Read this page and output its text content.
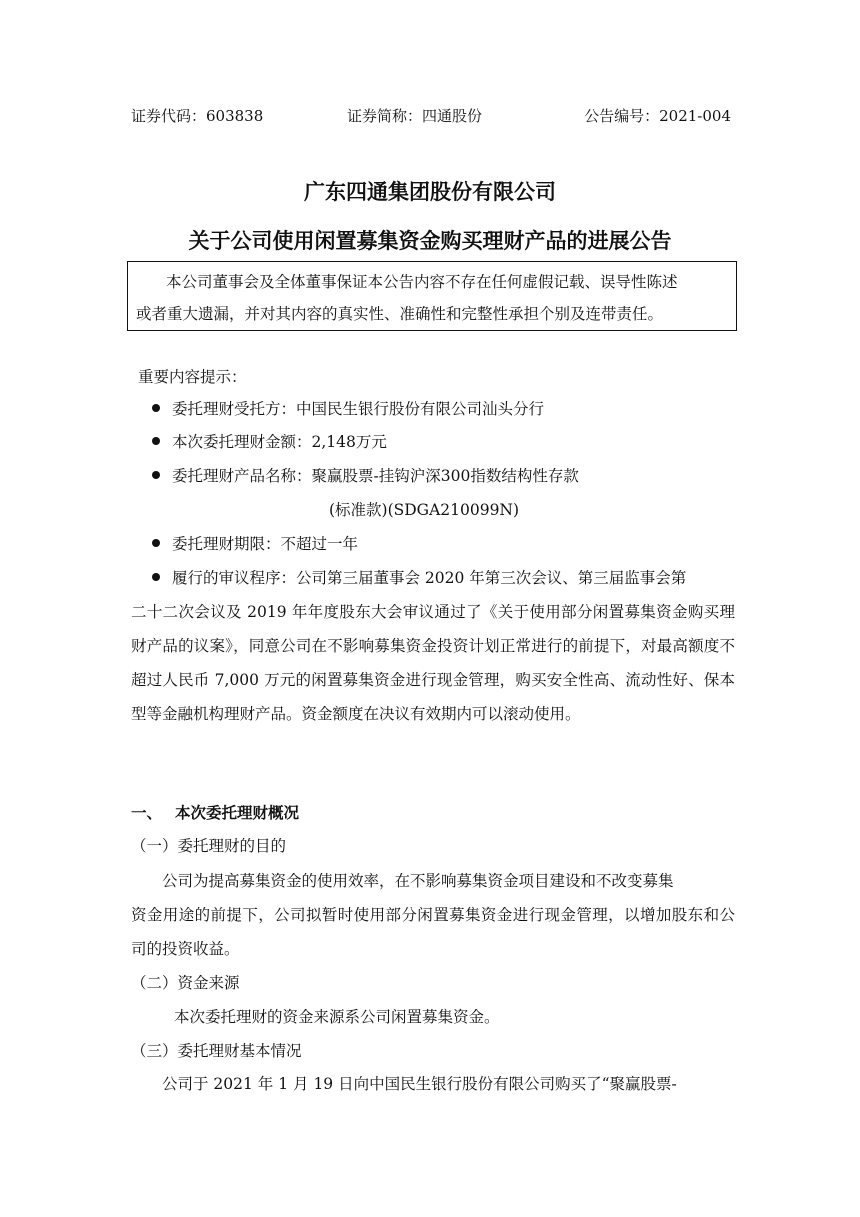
证券代码：603838	证券简称：四通股份	公告编号：2021-004
广东四通集团股份有限公司
关于公司使用闲置募集资金购买理财产品的进展公告

本公司董事会及全体董事保证本公告内容不存在任何虚假记载、误导性陈述

或者重大遗漏，并对其内容的真实性、准确性和完整性承担个别及连带责任。

重要内容提示：
委托理财受托方：中国民生银行股份有限公司汕头分行
本次委托理财金额：2,148万元
委托理财产品名称：聚赢股票-挂钩沪深300指数结构性存款
(标准款)(SDGA210099N)
委托理财期限：不超过一年
履行的审议程序：公司第三届董事会 2020 年第三次会议、第三届监事会第
二十二次会议及 2019 年年度股东大会审议通过了《关于使用部分闲置募集资金购买理财产品的议案》，同意公司在不影响募集资金投资计划正常进行的前提下，对最高额度不超过人民币 7,000 万元的闲置募集资金进行现金管理，购买安全性高、流动性好、保本型等金融机构理财产品。资金额度在决议有效期内可以滚动使用。
一、 本次委托理财概况
（一）委托理财的目的
公司为提高募集资金的使用效率，在不影响募集资金项目建设和不改变募集
资金用途的前提下，公司拟暂时使用部分闲置募集资金进行现金管理，以增加股东和公司的投资收益。
（二）资金来源
本次委托理财的资金来源系公司闲置募集资金。
（三）委托理财基本情况
公司于 2021 年 1 月 19 日向中国民生银行股份有限公司购买了“聚赢股票-
